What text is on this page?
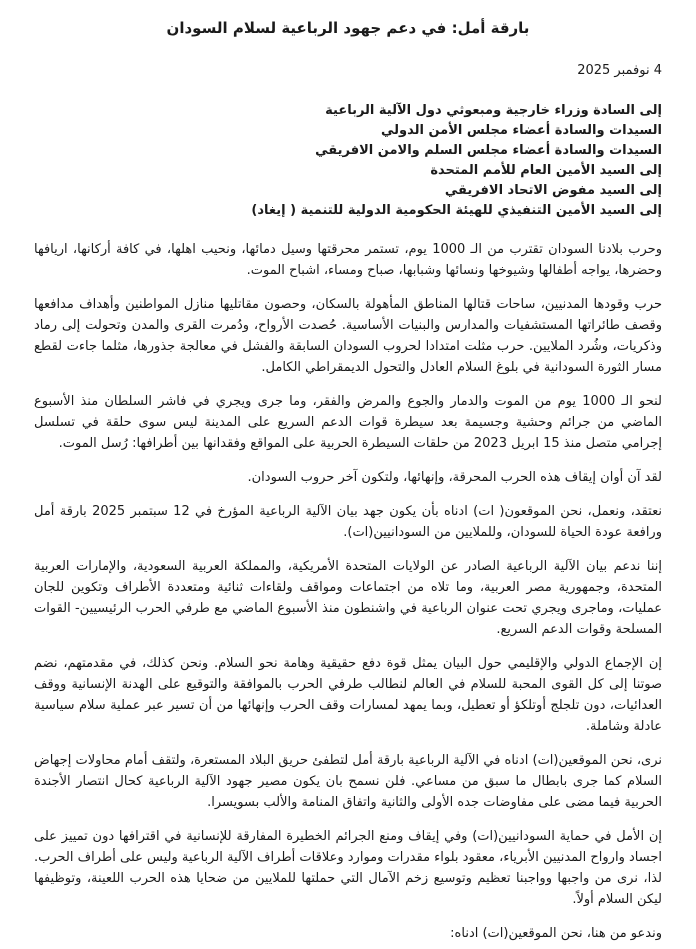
بارقة أمل: في دعم جهود الرباعية لسلام السودان
4 نوفمبر 2025
إلى السادة وزراء خارجية ومبعوثي دول الآلية الرباعية
السيدات والسادة أعضاء مجلس الأمن الدولي
السيدات والسادة أعضاء مجلس السلم والامن الافريقي
إلى السيد الأمين العام للأمم المتحدة
إلى السيد مفوض الاتحاد الافريقي
إلى السيد الأمين التنفيذي للهيئة الحكومية الدولية للتنمية ( إيغاد)

وحرب بلادنا السودان تقترب من الـ 1000 يوم، تستمر محرقتها وسيل دمائها، ونحيب اهلها، في كافة أركانها، اريافها وحضرها، يواجه أطفالها وشيوخها ونسائها وشبابها، صباح ومساء، اشباح الموت.

حرب وقودها المدنيين، ساحات قتالها المناطق المأهولة بالسكان، وحصون مقاتليها منازل المواطنين وأهداف مدافعها وقصف طائراتها المستشفيات والمدارس والبنيات الأساسية. حُصدت الأرواح، ودُمرت القرى والمدن وتحولت إلى رماد وذكريات، وشُرد الملايين. حرب مثلت امتدادا لحروب السودان السابقة والفشل في معالجة جذورها، مثلما جاءت لقطع مسار الثورة السودانية في بلوغ السلام العادل والتحول الديمقراطي الكامل.

لنحو الـ 1000 يوم من الموت والدمار والجوع والمرض والفقر، وما جرى ويجري في فاشر السلطان منذ الأسبوع الماضي من جرائم وحشية وجسيمة بعد سيطرة قوات الدعم السريع على المدينة ليس سوى حلقة في تسلسل إجرامي متصل منذ 15 ابريل 2023 من حلقات السيطرة الحربية على المواقع وفقدانها بين أطرافها: رُسل الموت.

لقد آن أوان إيقاف هذه الحرب المحرقة، وإنهائها، ولتكون آخر حروب السودان.

نعتقد، ونعمل، نحن الموقعون( ات) ادناه بأن يكون جهد بيان الآلية الرباعية المؤرخ في 12 سبتمبر 2025 بارقة أمل ورافعة عودة الحياة للسودان، وللملايين من السودانيين(ات).

إننا ندعم بيان الآلية الرباعية الصادر عن الولايات المتحدة الأمريكية، والمملكة العربية السعودية، والإمارات العربية المتحدة، وجمهورية مصر العربية، وما تلاه من اجتماعات ومواقف ولقاءات ثنائية ومتعددة الأطراف وتكوين للجان عمليات، وماجرى ويجري تحت عنوان الرباعية في واشنطون منذ الأسبوع الماضي مع طرفي الحرب الرئيسيين- القوات المسلحة وقوات الدعم السريع.

إن الإجماع الدولي والإقليمي حول البيان يمثل قوة دفع حقيقية وهامة نحو السلام. ونحن كذلك، في مقدمتهم، نضم صوتنا إلى كل القوى المحبة للسلام في العالم لنطالب طرفي الحرب بالموافقة والتوقيع على الهدنة الإنسانية ووقف العدائيات، دون تلجلج أوتلكؤ أو تعطيل، وبما يمهد لمسارات وقف الحرب وإنهائها من أن تسير عبر عملية سلام سياسية عادلة وشاملة.

نرى، نحن الموقعين(ات) ادناه في الآلية الرباعية بارقة أمل لتطفئ حريق البلاد المستعرة، ولتقف أمام محاولات إجهاض السلام كما جرى بابطال ما سبق من مساعي. فلن نسمح بان يكون مصير جهود الآلية الرباعية كحال انتصار الأجندة الحربية فيما مضى على مفاوضات جده الأولى والثانية واتفاق المنامة والألب بسويسرا.

إن الأمل في حماية السودانيين(ات) وفي إيقاف ومنع الجرائم الخطيرة المفارقة للإنسانية في اقترافها دون تمييز على اجساد وارواح المدنيين الأبرياء، معقود بلواء مقدرات وموارد وعلاقات أطراف الآلية الرباعية وليس على أطراف الحرب. لذا، نرى من واجبها وواجبنا تعظيم وتوسيع زخم الآمال التي حملتها للملايين من ضحايا هذه الحرب اللعينة، وتوظيفها ليكن السلام أولاً.

وندعو من هنا، نحن الموقعين(ات) ادناه:
